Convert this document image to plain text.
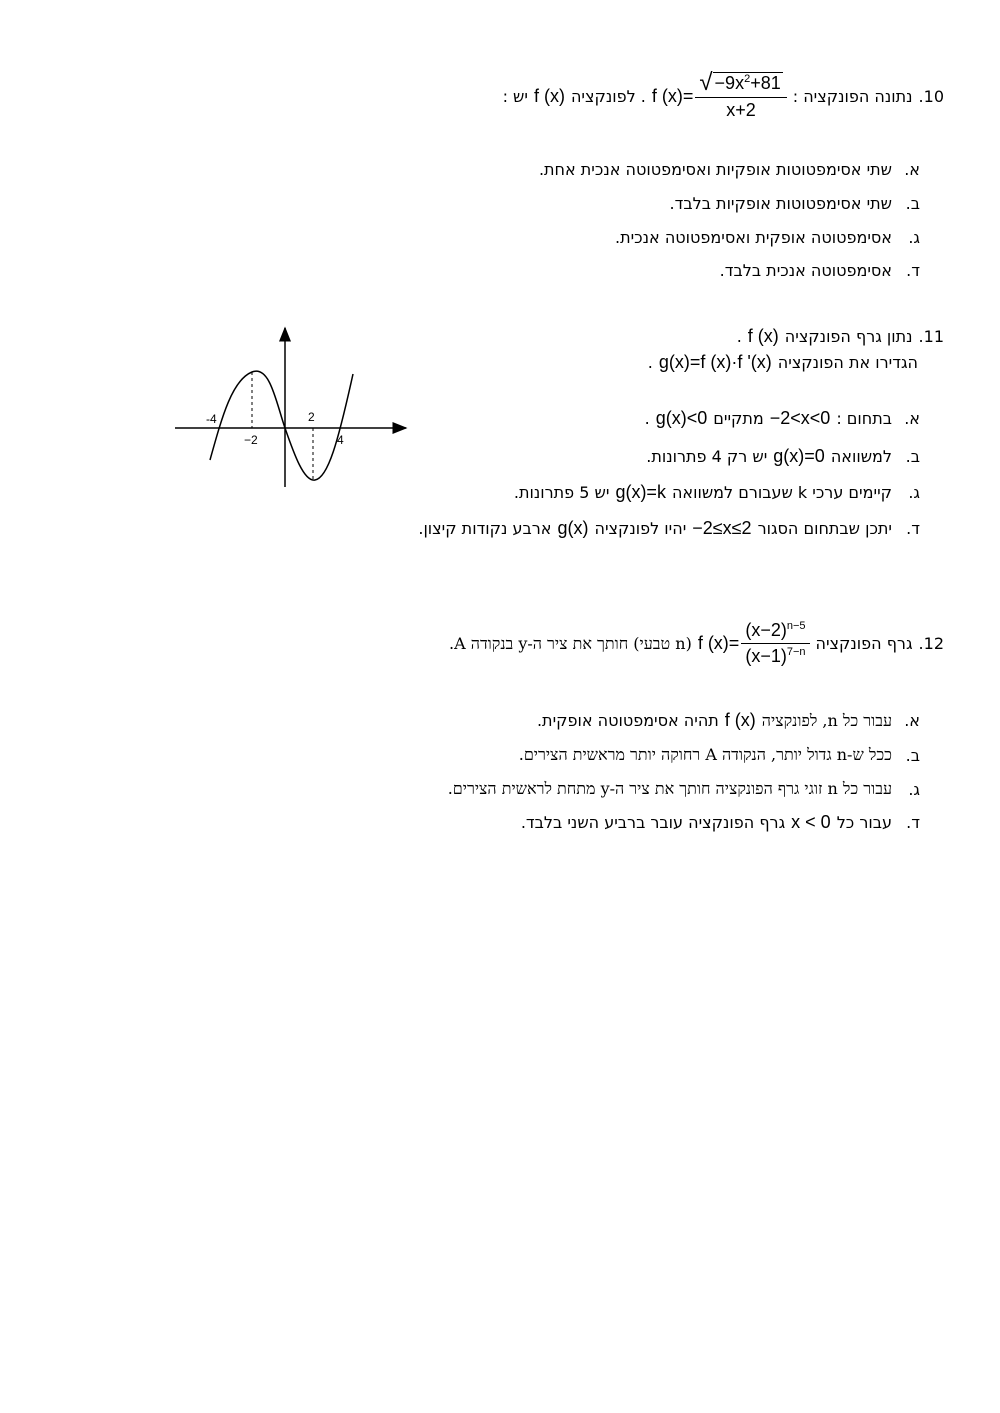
10.
נתונה הפונקציה :
f $(x)= \frac{√ -9x^2+81}{x+2}$
. לפונקציה
f (x)
יש :
א.
שתי אסימפטוטות אופקיות ואסימפטוטה אנכית אחת.
ב.
שתי אסימפטוטות אופקיות בלבד.
ג.
אסימפטוטה אופקית ואסימפטוטה אנכית.
ד.
אסימפטוטה אנכית בלבד.
11.
נתון גרף הפונקציה
f (x)
.
הגדירו את הפונקציה
g(x)=f (x)·f '(x)
.
א.
בתחום :
−2<x<0
מתקיים
g(x)<0
.
ב.
למשוואה
g(x)=0
יש רק 4 פתרונות.
ג.
קיימים ערכי k שעבורם למשוואה
g(x)=k
יש 5 פתרונות.
ד.
יתכן שבתחום הסגור
−2≤x≤2
יהיו לפונקציה
g(x)
ארבע נקודות קיצון.
-4
−2
2
4
12.
גרף הפונקציה
f $(x)= \frac{(x-2)^{n-5}}{(x-1)^{7-n}}$
(n טבעי) חותך את ציר ה-y בנקודה A.
א.
עבור כל n, לפונקציה
f (x)
תהיה אסימפטוטה אופקית.
ב.
ככל ש-n גדול יותר, הנקודה A רחוקה יותר מראשית הצירים.
ג.
עבור כל n זוגי גרף הפונקציה חותך את ציר ה-y מתחת לראשית הצירים.
ד.
עבור כל
x < 0
גרף הפונקציה עובר ברביע השני בלבד.
